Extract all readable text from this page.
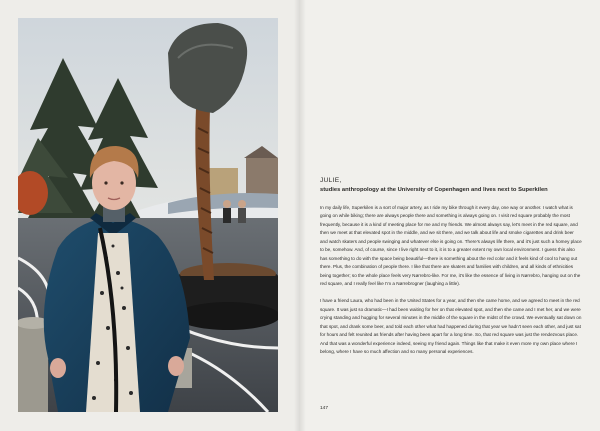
JULIE,
studies anthropology at the University of Copenhagen and lives next to Superkilen

In my daily life, Superkilen is a sort of major artery, as I ride my bike through it every day, one way or another. I watch what is going on while biking; there are always people there and something is always going on. I visit red square probably the most frequently, because it is a kind of meeting place for me and my friends. We almost always say, let's meet in the red square, and then we meet at that elevated spot in the middle, and we sit there, and we talk about life and smoke cigarettes and drink beer and watch skaters and people swinging and whatever else is going on. There's always life there, and it's just such a homey place to be, somehow. And, of course, since I live right next to it, it is to a greater extent my own local environment. I guess this also has something to do with the space being beautiful—there is something about the red color and it feels kind of cool to hang out there. Plus, the combination of people there. I like that there are skaters and families with children, and all kinds of ethnicities being together; so the whole place feels very Nørrebro-like. For me, it's like the essence of living in Nørrebro, hanging out on the red square, and I really feel like I'm a Nørrebrogner (laughing a little).

I have a friend Laura, who had been in the United States for a year, and then she came home, and we agreed to meet in the red square. It was just so dramatic—I had been waiting for her on that elevated spot, and then she came and I met her, and we were crying standing and hugging for several minutes in the middle of the square in the midst of the crowd. We eventually sat down on that spot, and drank some beer, and told each other what had happened during that year we hadn't seen each other, and just sat for hours and felt reunited as friends after having been apart for a long time. So, that red square was just the rendezvous place. And that was a wonderful experience indeed, seeing my friend again. Things like that make it even more my own place where I belong, where I have so much affection and so many personal experiences.

147
